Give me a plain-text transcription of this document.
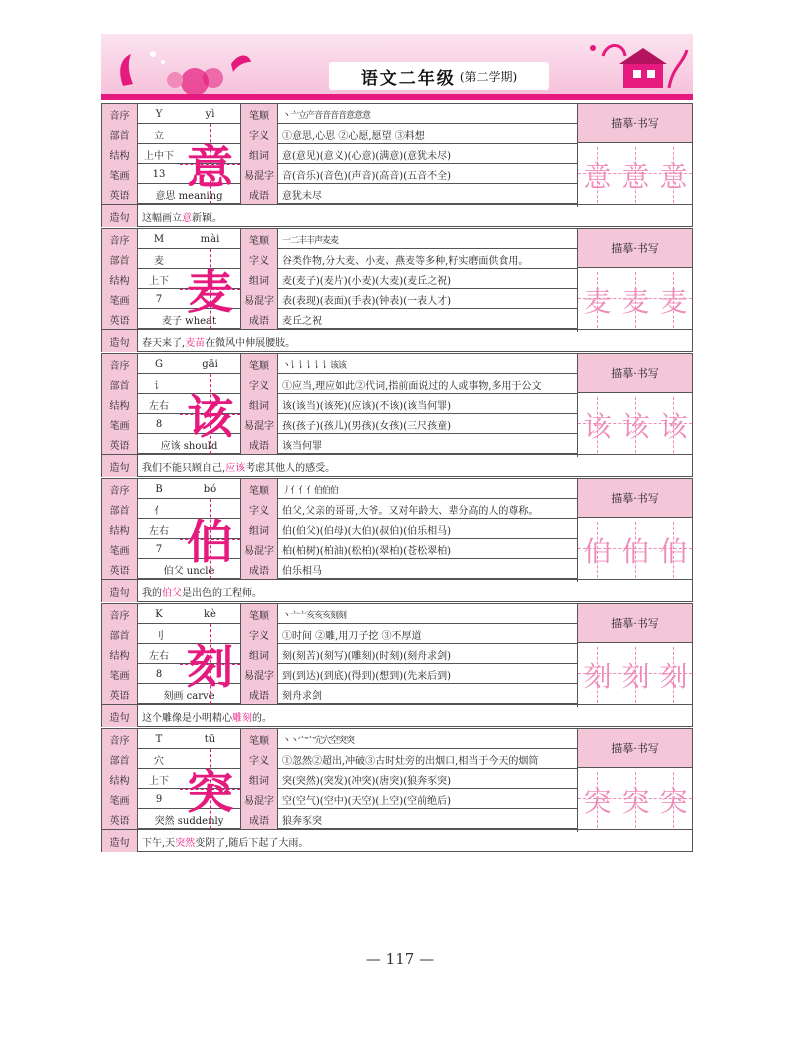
语文二年级 (第二学期)
音序	Y	yì	笔顺	丶亠立产音音音音意意意
部首	立	字义	①意思,心思 ②心愿,愿望 ③料想
结构	上中下	组词	意(意见)(意义)(心意)(满意)(意犹未尽)
笔画	13	易混字 音(音乐)(音色)(声音)(高音)(五音不全)
英语	意思 meaning	成语	意犹未尽
造句	这幅画立 意 新颖。
意
描摹·书写
意 意 意
音序	M	mài	笔顺	一二丰丰声麦麦
部首	麦	字义	谷类作物,分大麦、小麦、燕麦等多种,籽实磨面供食用。
结构	上下	组词	麦(麦子)(麦片)(小麦)(大麦)(麦丘之祝)
笔画	7	易混字 表(表现)(表面)(手表)(钟表)(一表人才)
英语	麦子 wheat	成语	麦丘之祝
造句	春天来了, 麦苗 在微风中伸展腰肢。
麦
描摹·书写
麦 麦 麦
音序	G	gāi	笔顺	丶讠讠讠讠讠该该
部首	讠	字义	①应当,理应如此②代词,指前面说过的人或事物,多用于公文
结构	左右	组词	该(该当)(该死)(应该)(不该)(该当何罪)
笔画	8	易混字 孩(孩子)(孩儿)(男孩)(女孩)(三尺孩童)
英语	应该 should	成语	该当何罪
造句	我们不能只顾自己, 应该 考虑其他人的感受。
该
描摹·书写
该 该 该
音序	B	bó	笔顺	丿亻亻亻伯伯伯
部首	亻	字义	伯父,父亲的哥哥,大爷。又对年龄大、辈分高的人的尊称。
结构	左右	组词	伯(伯父)(伯母)(大伯)(叔伯)(伯乐相马)
笔画	7	易混字 柏(柏树)(柏油)(松柏)(翠柏)(苍松翠柏)
英语	伯父 uncle	成语	伯乐相马
造句	我的 伯父 是出色的工程师。
伯
描摹·书写
伯 伯 伯
音序	K	kè	笔顺	丶亠亠亥亥亥刻刻
部首	刂	字义	①时间 ②雕,用刀子挖 ③不厚道
结构	左右	组词	刻(刻苦)(刻写)(雕刻)(时刻)(刻舟求剑)
笔画	8	易混字 到(到达)(到底)(得到)(想到)(先来后到)
英语	刻画 carve	成语	刻舟求剑
造句	这个雕像是小明精心 雕刻 的。
刻
描摹·书写
刻 刻 刻
音序	T	tū	笔顺	丶丶宀宀宂穴空突突
部首	穴	字义	①忽然②超出,冲破③古时灶旁的出烟口,相当于今天的烟筒
结构	上下	组词	突(突然)(突发)(冲突)(唐突)(狼奔豕突)
笔画	9	易混字 空(空气)(空中)(天空)(上空)(空前绝后)
英语	突然 suddenly	成语	狼奔豕突
造句	下午,天 突然 变阴了,随后下起了大雨。
突
描摹·书写
突 突 突
— 117 —
